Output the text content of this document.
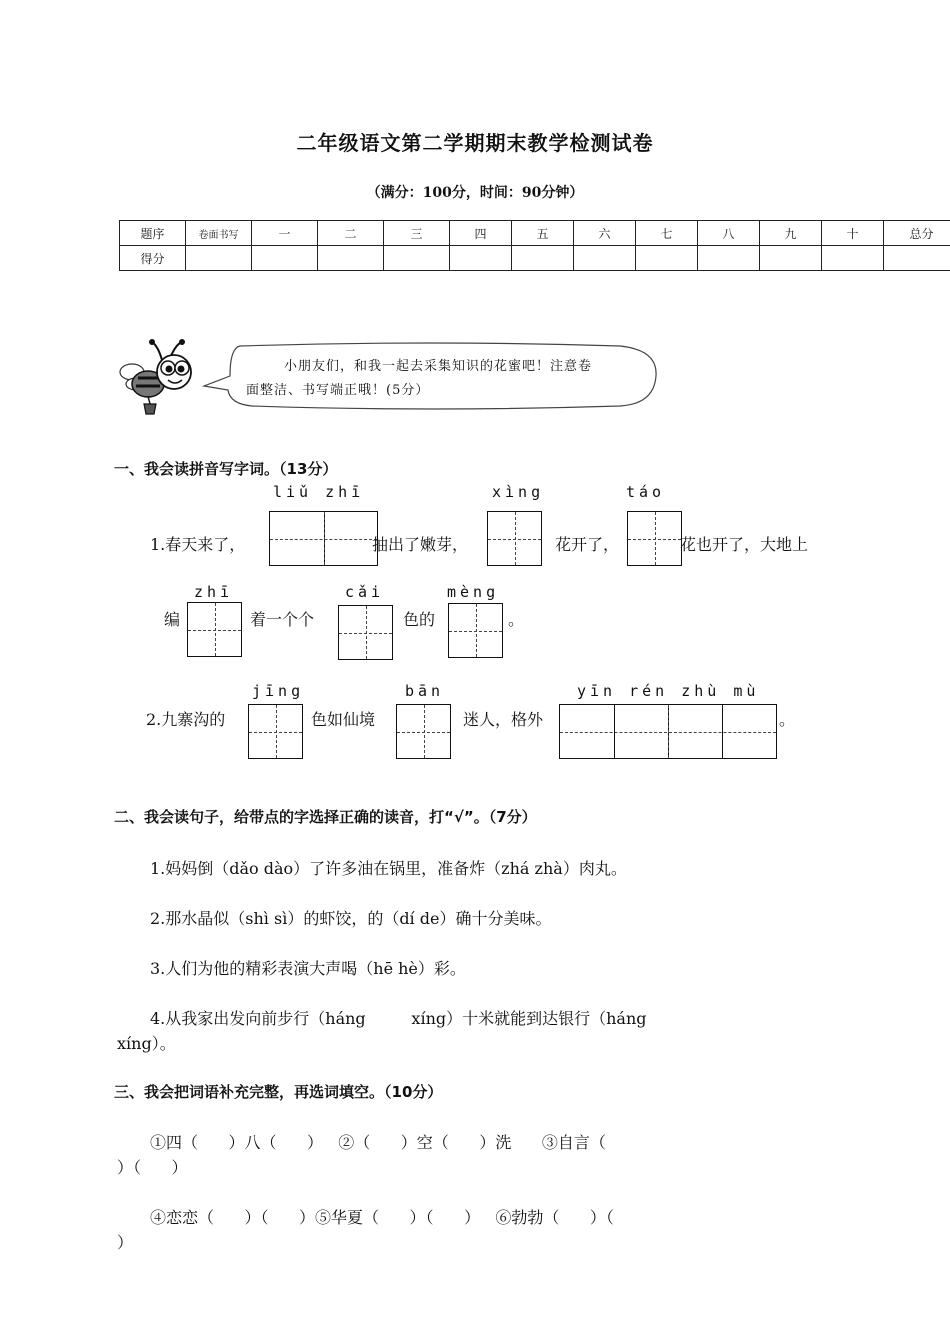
二年级语文第二学期期末教学检测试卷
（满分：100分，时间：90分钟）
题序	卷面书写	一	二	三	四	五	六	七	八	九	十	总分
得分												
小朋友们，和我一起去采集知识的花蜜吧！注意卷
面整洁、书写端正哦！(5分）
一、我会读拼音写字词。（13分）
liǔ zhī	xìng	táo
1.春天来了，	抽出了嫩芽，	花开了，	花也开了，大地上
zhī	cǎi	mèng
编	着一个个	色的	。
jīng	bān	yīn rén zhù mù
2.九寨沟的	色如仙境	迷人，格外	。
二、我会读句子，给带点的字选择正确的读音，打“√”。（7分）
1.妈妈倒（dǎo dào）了许多油在锅里，准备炸（zhá zhà）肉丸。
2.那水晶似（shì sì）的虾饺，的（dí de）确十分美味。
3.人们为他的精彩表演大声喝（hē hè）彩。
4.从我家出发向前步行（háng         xíng）十米就能到达银行（háng
xíng）。
三、我会把词语补充完整，再选词填空。（10分）
①四（      ）八（      ）   ②（      ）空（      ）洗      ③自言（
）（      ）
④恋恋（      ）（      ）⑤华夏（      ）（      ）   ⑥勃勃（      ）（
）
